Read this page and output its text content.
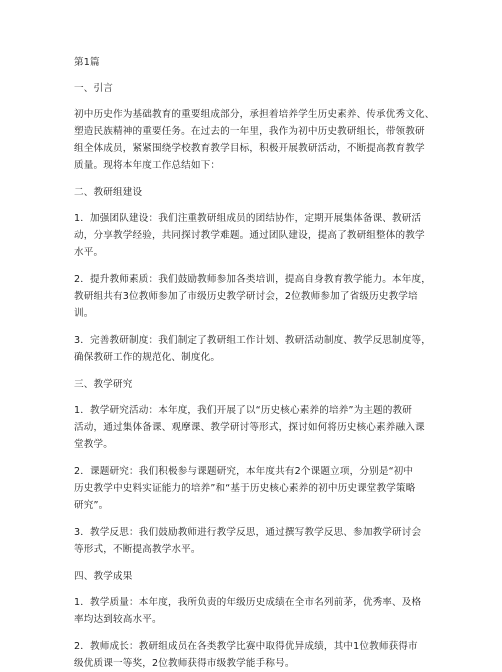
第1篇
一、引言
初中历史作为基础教育的重要组成部分，承担着培养学生历史素养、传承优秀文化、
塑造民族精神的重要任务。在过去的一年里，我作为初中历史教研组长，带领教研
组全体成员，紧紧围绕学校教育教学目标，积极开展教研活动，不断提高教育教学
质量。现将本年度工作总结如下：
二、教研组建设
1．加强团队建设：我们注重教研组成员的团结协作，定期开展集体备课、教研活
动，分享教学经验，共同探讨教学难题。通过团队建设，提高了教研组整体的教学
水平。
2．提升教师素质：我们鼓励教师参加各类培训，提高自身教育教学能力。本年度，
教研组共有3位教师参加了市级历史教学研讨会，2位教师参加了省级历史教学培
训。
3．完善教研制度：我们制定了教研组工作计划、教研活动制度、教学反思制度等，
确保教研工作的规范化、制度化。
三、教学研究
1．教学研究活动：本年度，我们开展了以“历史核心素养的培养”为主题的教研
活动，通过集体备课、观摩课、教学研讨等形式，探讨如何将历史核心素养融入课
堂教学。
2．课题研究：我们积极参与课题研究，本年度共有2个课题立项，分别是“初中
历史教学中史料实证能力的培养”和“基于历史核心素养的初中历史课堂教学策略
研究”。
3．教学反思：我们鼓励教师进行教学反思，通过撰写教学反思、参加教学研讨会
等形式，不断提高教学水平。
四、教学成果
1．教学质量：本年度，我所负责的年级历史成绩在全市名列前茅，优秀率、及格
率均达到较高水平。
2．教师成长：教研组成员在各类教学比赛中取得优异成绩，其中1位教师获得市
级优质课一等奖，2位教师获得市级教学能手称号。
